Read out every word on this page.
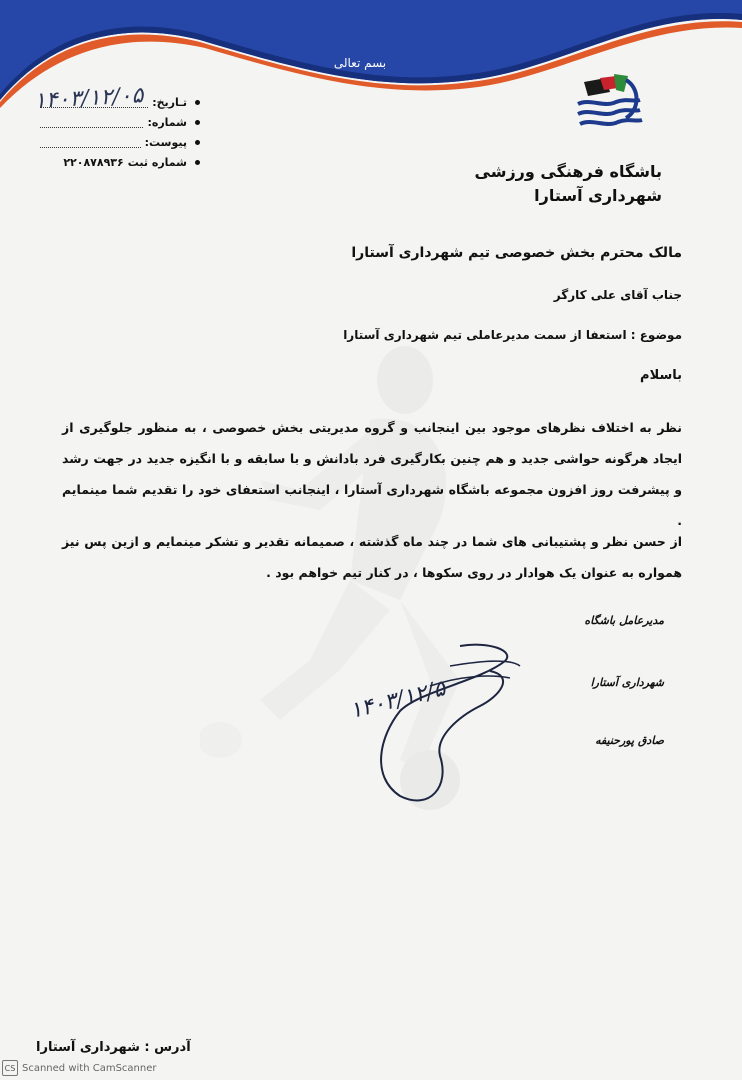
بسم تعالی
باشگاه فرهنگی ورزشی
شهرداری آستارا
۱۴۰۳/۱۲/۰۵ تـاریخ:
شماره:
پیوست:
شماره ثبت
۲۲۰۸۷۸۹۳۶
مالک محترم بخش خصوصی تیم شهرداری آستارا
جناب آقای علی کارگر
موضوع : استعفا از سمت مدیرعاملی تیم شهرداری آستارا
باسلام
نظر به اختلاف نظرهای موجود بین اینجانب و گروه مدیریتی بخش خصوصی ، به منظور جلوگیری از ایجاد هرگونه حواشی جدید و هم چنین بکارگیری فرد بادانش و با سابقه و با انگیزه جدید در جهت رشد و پیشرفت روز افزون مجموعه باشگاه شهرداری آستارا ، اینجانب استعفای خود را تقدیم شما مینمایم .
از حسن نظر و پشتیبانی های شما در چند ماه گذشته ، صمیمانه تقدیر و تشکر مینمایم و ازین پس نیز همواره به عنوان یک هوادار در روی سکوها ، در کنار تیم خواهم بود .
مدیرعامل باشگاه
شهرداری آستارا
صادق پورحنیفه
۱۴۰۳/۱۲/۵
آدرس : شهرداری آستارا
CS Scanned with CamScanner
